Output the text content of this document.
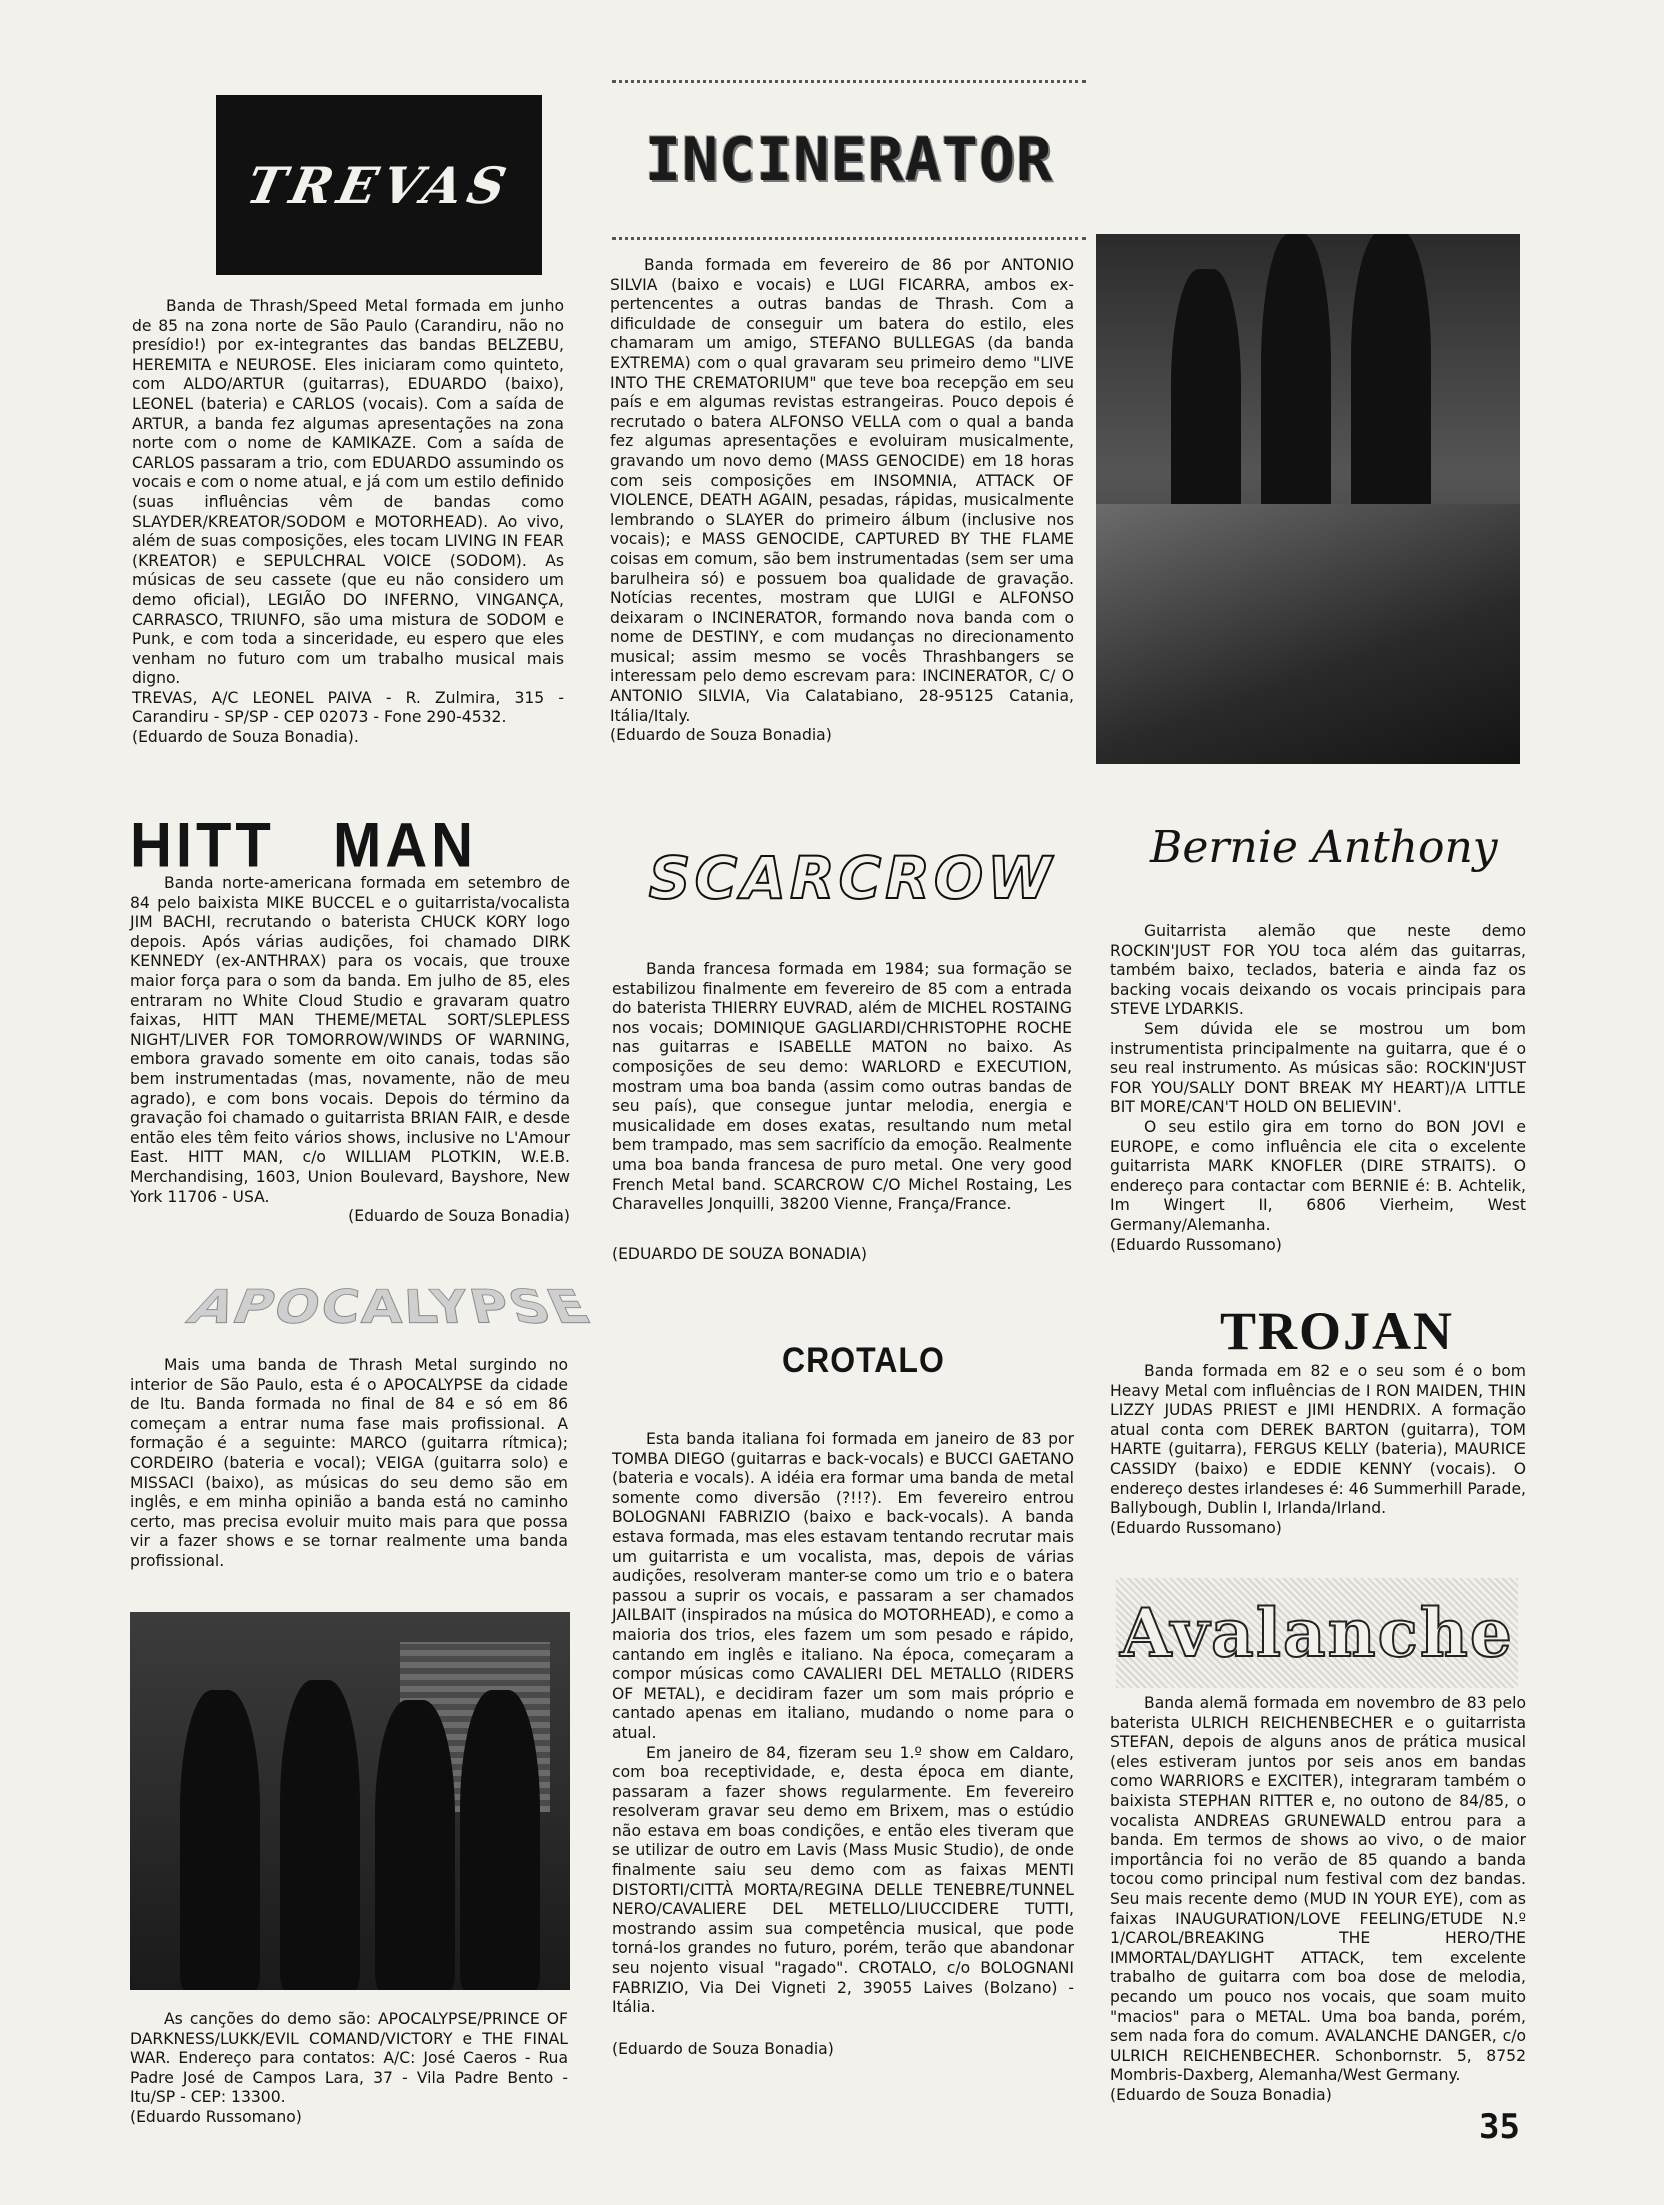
TREVAS

Banda de Thrash/Speed Metal formada em junho de 85 na zona norte de São Paulo (Carandiru, não no presídio!) por ex-integrantes das bandas BELZEBU, HEREMITA e NEUROSE. Eles iniciaram como quinteto, com ALDO/ARTUR (guitarras), EDUARDO (baixo), LEONEL (bateria) e CARLOS (vocais). Com a saída de ARTUR, a banda fez algumas apresentações na zona norte com o nome de KAMIKAZE. Com a saída de CARLOS passaram a trio, com EDUARDO assumindo os vocais e com o nome atual, e já com um estilo definido (suas influências vêm de bandas como SLAYDER/KREATOR/SODOM e MOTORHEAD). Ao vivo, além de suas composições, eles tocam LIVING IN FEAR (KREATOR) e SEPULCHRAL VOICE (SODOM). As músicas de seu cassete (que eu não considero um demo oficial), LEGIÃO DO INFERNO, VINGANÇA, CARRASCO, TRIUNFO, são uma mistura de SODOM e Punk, e com toda a sinceridade, eu espero que eles venham no futuro com um trabalho musical mais digno.

TREVAS, A/C LEONEL PAIVA - R. Zulmira, 315 - Carandiru - SP/SP - CEP 02073 - Fone 290-4532.

(Eduardo de Souza Bonadia).

INCINERATOR

Banda formada em fevereiro de 86 por ANTONIO SILVIA (baixo e vocais) e LUGI FICARRA, ambos ex-pertencentes a outras bandas de Thrash. Com a dificuldade de conseguir um batera do estilo, eles chamaram um amigo, STEFANO BULLEGAS (da banda EXTREMA) com o qual gravaram seu primeiro demo "LIVE INTO THE CREMATORIUM" que teve boa recepção em seu país e em algumas revistas estrangeiras. Pouco depois é recrutado o batera ALFONSO VELLA com o qual a banda fez algumas apresentações e evoluiram musicalmente, gravando um novo demo (MASS GENOCIDE) em 18 horas com seis composições em INSOMNIA, ATTACK OF VIOLENCE, DEATH AGAIN, pesadas, rápidas, musicalmente lembrando o SLAYER do primeiro álbum (inclusive nos vocais); e MASS GENOCIDE, CAPTURED BY THE FLAME coisas em comum, são bem instrumentadas (sem ser uma barulheira só) e possuem boa qualidade de gravação. Notícias recentes, mostram que LUIGI e ALFONSO deixaram o INCINERATOR, formando nova banda com o nome de DESTINY, e com mudanças no direcionamento musical; assim mesmo se vocês Thrashbangers se interessam pelo demo escrevam para: INCINERATOR, C/ O ANTONIO SILVIA, Via Calatabiano, 28-95125 Catania, Itália/Italy.

(Eduardo de Souza Bonadia)

HITT MAN

Banda norte-americana formada em setembro de 84 pelo baixista MIKE BUCCEL e o guitarrista/vocalista JIM BACHI, recrutando o baterista CHUCK KORY logo depois. Após várias audições, foi chamado DIRK KENNEDY (ex-ANTHRAX) para os vocais, que trouxe maior força para o som da banda. Em julho de 85, eles entraram no White Cloud Studio e gravaram quatro faixas, HITT MAN THEME/METAL SORT/SLEPLESS NIGHT/LIVER FOR TOMORROW/WINDS OF WARNING, embora gravado somente em oito canais, todas são bem instrumentadas (mas, novamente, não de meu agrado), e com bons vocais. Depois do término da gravação foi chamado o guitarrista BRIAN FAIR, e desde então eles têm feito vários shows, inclusive no L'Amour East. HITT MAN, c/o WILLIAM PLOTKIN, W.E.B. Merchandising, 1603, Union Boulevard, Bayshore, New York 11706 - USA.

(Eduardo de Souza Bonadia)

SCARCROW

Banda francesa formada em 1984; sua formação se estabilizou finalmente em fevereiro de 85 com a entrada do baterista THIERRY EUVRAD, além de MICHEL ROSTAING nos vocais; DOMINIQUE GAGLIARDI/CHRISTOPHE ROCHE nas guitarras e ISABELLE MATON no baixo. As composições de seu demo: WARLORD e EXECUTION, mostram uma boa banda (assim como outras bandas de seu país), que consegue juntar melodia, energia e musicalidade em doses exatas, resultando num metal bem trampado, mas sem sacrifício da emoção. Realmente uma boa banda francesa de puro metal. One very good French Metal band. SCARCROW C/O Michel Rostaing, Les Charavelles Jonquilli, 38200 Vienne, França/France.

(EDUARDO DE SOUZA BONADIA)

Bernie Anthony

Guitarrista alemão que neste demo ROCKIN'JUST FOR YOU toca além das guitarras, também baixo, teclados, bateria e ainda faz os backing vocais deixando os vocais principais para STEVE LYDARKIS.

Sem dúvida ele se mostrou um bom instrumentista principalmente na guitarra, que é o seu real instrumento. As músicas são: ROCKIN'JUST FOR YOU/SALLY DONT BREAK MY HEART)/A LITTLE BIT MORE/CAN'T HOLD ON BELIEVIN'.

O seu estilo gira em torno do BON JOVI e EUROPE, e como influência ele cita o excelente guitarrista MARK KNOFLER (DIRE STRAITS). O endereço para contactar com BERNIE é: B. Achtelik, Im Wingert II, 6806 Vierheim, West Germany/Alemanha.

(Eduardo Russomano)

APOCALYPSE

Mais uma banda de Thrash Metal surgindo no interior de São Paulo, esta é o APOCALYPSE da cidade de Itu. Banda formada no final de 84 e só em 86 começam a entrar numa fase mais profissional. A formação é a seguinte: MARCO (guitarra rítmica); CORDEIRO (bateria e vocal); VEIGA (guitarra solo) e MISSACI (baixo), as músicas do seu demo são em inglês, e em minha opinião a banda está no caminho certo, mas precisa evoluir muito mais para que possa vir a fazer shows e se tornar realmente uma banda profissional.

As canções do demo são: APOCALYPSE/PRINCE OF DARKNESS/LUKK/EVIL COMAND/VICTORY e THE FINAL WAR. Endereço para contatos: A/C: José Caeros - Rua Padre José de Campos Lara, 37 - Vila Padre Bento - Itu/SP - CEP: 13300.

(Eduardo Russomano)

CROTALO

Esta banda italiana foi formada em janeiro de 83 por TOMBA DIEGO (guitarras e back-vocals) e BUCCI GAETANO (bateria e vocals). A idéia era formar uma banda de metal somente como diversão (?!!?). Em fevereiro entrou BOLOGNANI FABRIZIO (baixo e back-vocals). A banda estava formada, mas eles estavam tentando recrutar mais um guitarrista e um vocalista, mas, depois de várias audições, resolveram manter-se como um trio e o batera passou a suprir os vocais, e passaram a ser chamados JAILBAIT (inspirados na música do MOTORHEAD), e como a maioria dos trios, eles fazem um som pesado e rápido, cantando em inglês e italiano. Na época, começaram a compor músicas como CAVALIERI DEL METALLO (RIDERS OF METAL), e decidiram fazer um som mais próprio e cantado apenas em italiano, mudando o nome para o atual.

Em janeiro de 84, fizeram seu 1.º show em Caldaro, com boa receptividade, e, desta época em diante, passaram a fazer shows regularmente. Em fevereiro resolveram gravar seu demo em Brixem, mas o estúdio não estava em boas condições, e então eles tiveram que se utilizar de outro em Lavis (Mass Music Studio), de onde finalmente saiu seu demo com as faixas MENTI DISTORTI/CITTÀ MORTA/REGINA DELLE TENEBRE/TUNNEL NERO/CAVALIERE DEL METELLO/LIUCCIDERE TUTTI, mostrando assim sua competência musical, que pode torná-los grandes no futuro, porém, terão que abandonar seu nojento visual "ragado". CROTALO, c/o BOLOGNANI FABRIZIO, Via Dei Vigneti 2, 39055 Laives (Bolzano) - Itália.

(Eduardo de Souza Bonadia)

TROJAN

Banda formada em 82 e o seu som é o bom Heavy Metal com influências de I RON MAIDEN, THIN LIZZY JUDAS PRIEST e JIMI HENDRIX. A formação atual conta com DEREK BARTON (guitarra), TOM HARTE (guitarra), FERGUS KELLY (bateria), MAURICE CASSIDY (baixo) e EDDIE KENNY (vocais). O endereço destes irlandeses é: 46 Summerhill Parade, Ballybough, Dublin I, Irlanda/Irland.

(Eduardo Russomano)

Avalanche

Banda alemã formada em novembro de 83 pelo baterista ULRICH REICHENBECHER e o guitarrista STEFAN, depois de alguns anos de prática musical (eles estiveram juntos por seis anos em bandas como WARRIORS e EXCITER), integraram também o baixista STEPHAN RITTER e, no outono de 84/85, o vocalista ANDREAS GRUNEWALD entrou para a banda. Em termos de shows ao vivo, o de maior importância foi no verão de 85 quando a banda tocou como principal num festival com dez bandas. Seu mais recente demo (MUD IN YOUR EYE), com as faixas INAUGURATION/LOVE FEELING/ETUDE N.º 1/CAROL/BREAKING THE HERO/THE IMMORTAL/DAYLIGHT ATTACK, tem excelente trabalho de guitarra com boa dose de melodia, pecando um pouco nos vocais, que soam muito "macios" para o METAL. Uma boa banda, porém, sem nada fora do comum. AVALANCHE DANGER, c/o ULRICH REICHENBECHER. Schonbornstr. 5, 8752 Mombris-Daxberg, Alemanha/West Germany.

(Eduardo de Souza Bonadia)

35
